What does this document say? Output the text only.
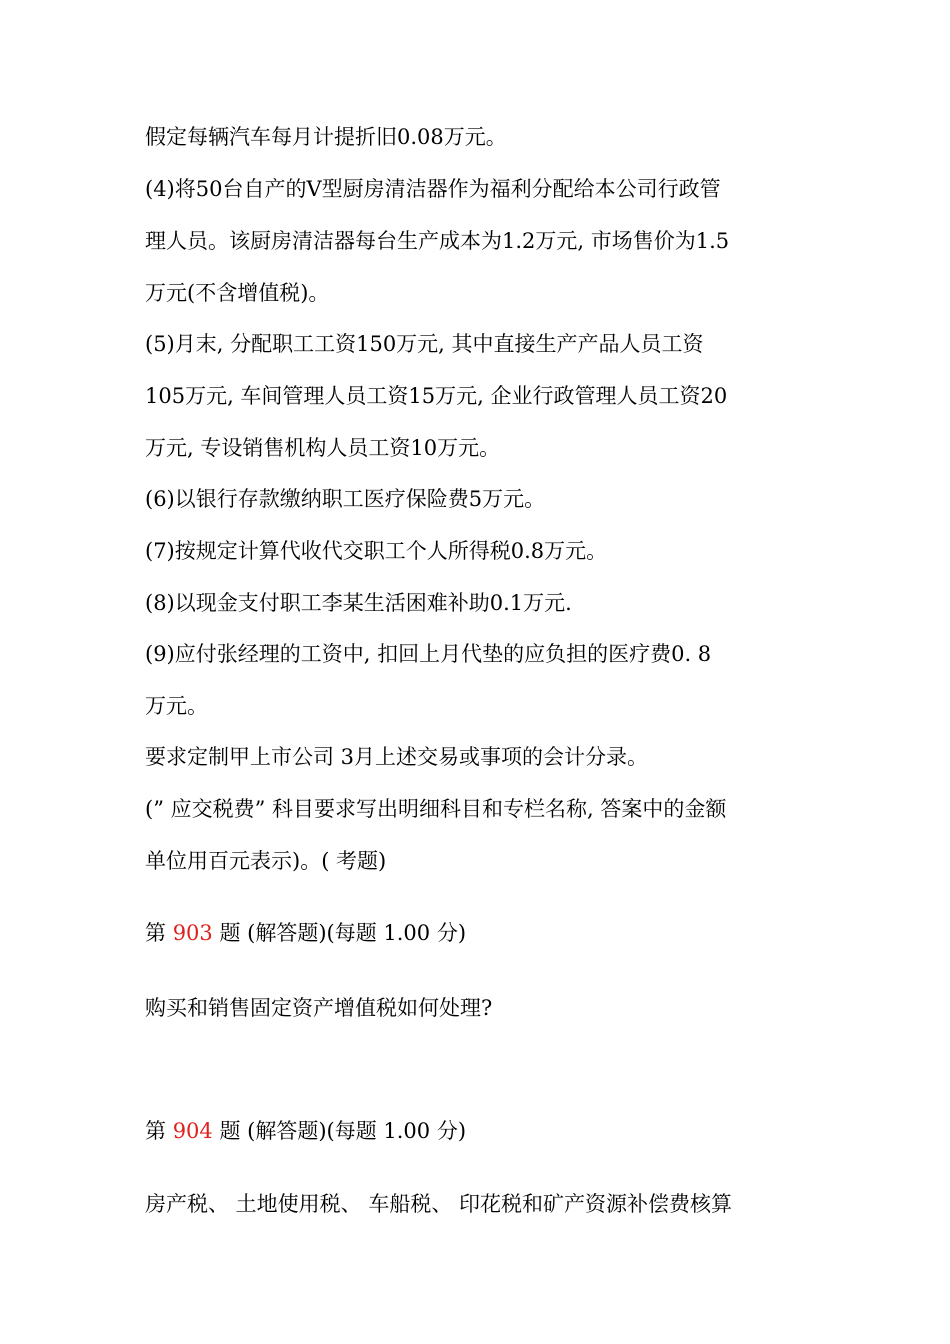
假定每辆汽车每月计提折旧0.08万元。
(4)将50台自产的V型厨房清洁器作为福利分配给本公司行政管
理人员。该厨房清洁器每台生产成本为1.2万元, 市场售价为1.5
万元(不含增值税)。
(5)月末, 分配职工工资150万元, 其中直接生产产品人员工资
105万元, 车间管理人员工资15万元, 企业行政管理人员工资20
万元, 专设销售机构人员工资10万元。
(6)以银行存款缴纳职工医疗保险费5万元。
(7)按规定计算代收代交职工个人所得税0.8万元。
(8)以现金支付职工李某生活困难补助0.1万元.
(9)应付张经理的工资中, 扣回上月代垫的应负担的医疗费0. 8
万元。
要求定制甲上市公司 3月上述交易或事项的会计分录。
(” 应交税费” 科目要求写出明细科目和专栏名称, 答案中的金额
单位用百元表示)。( 考题)
第 903 题 (解答题)(每题 1.00 分)
购买和销售固定资产增值税如何处理?
第 904 题 (解答题)(每题 1.00 分)
房产税、 土地使用税、 车船税、 印花税和矿产资源补偿费核算
